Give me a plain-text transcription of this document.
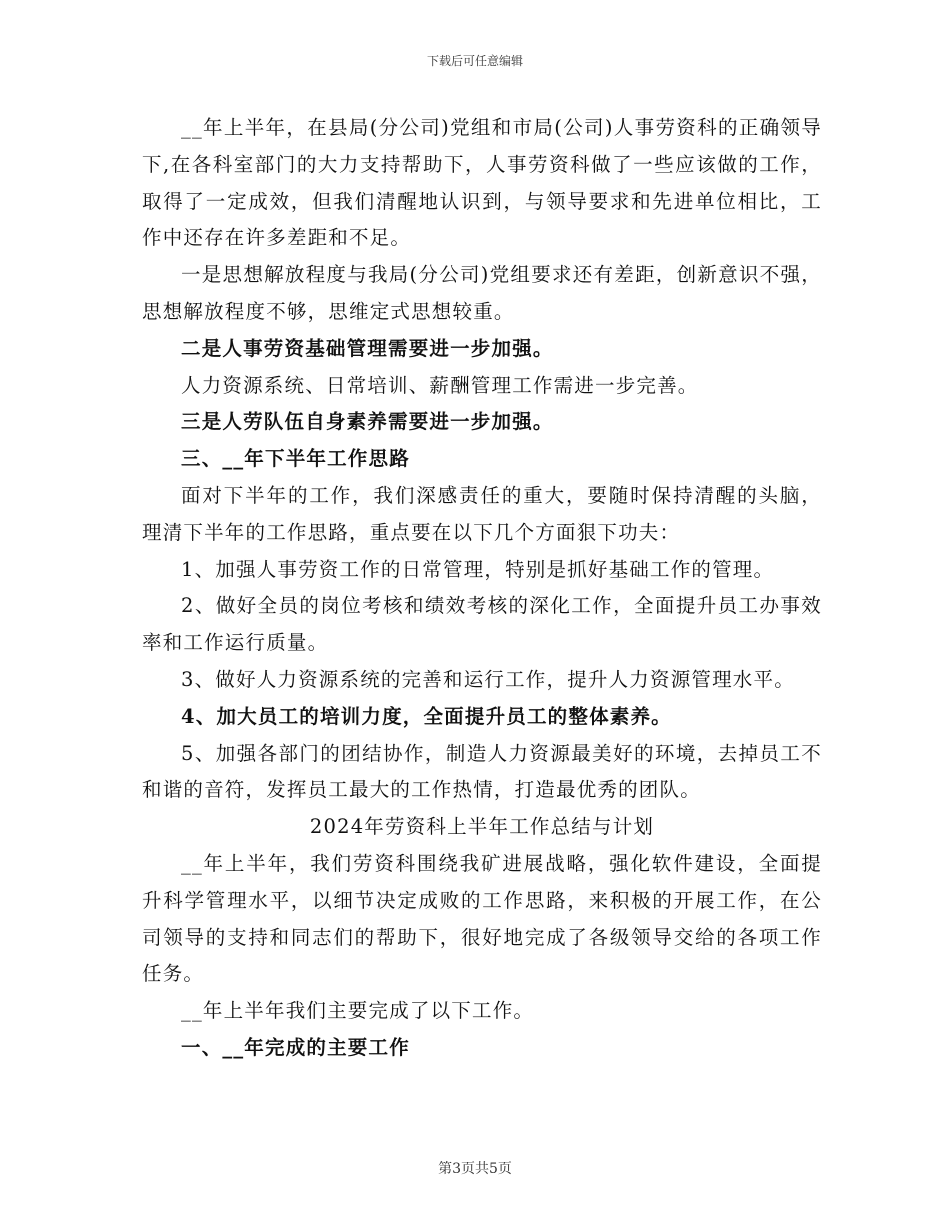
下载后可任意编辑

__年上半年，在县局(分公司)党组和市局(公司)人事劳资科的正确领导下,在各科室部门的大力支持帮助下，人事劳资科做了一些应该做的工作，取得了一定成效，但我们清醒地认识到，与领导要求和先进单位相比，工作中还存在许多差距和不足。

一是思想解放程度与我局(分公司)党组要求还有差距，创新意识不强，思想解放程度不够，思维定式思想较重。

二是人事劳资基础管理需要进一步加强。

人力资源系统、日常培训、薪酬管理工作需进一步完善。

三是人劳队伍自身素养需要进一步加强。

三、__年下半年工作思路

面对下半年的工作，我们深感责任的重大，要随时保持清醒的头脑，理清下半年的工作思路，重点要在以下几个方面狠下功夫：

1、加强人事劳资工作的日常管理，特别是抓好基础工作的管理。

2、做好全员的岗位考核和绩效考核的深化工作，全面提升员工办事效率和工作运行质量。

3、做好人力资源系统的完善和运行工作，提升人力资源管理水平。

4、加大员工的培训力度，全面提升员工的整体素养。

5、加强各部门的团结协作，制造人力资源最美好的环境，去掉员工不和谐的音符，发挥员工最大的工作热情，打造最优秀的团队。

2024年劳资科上半年工作总结与计划

__年上半年，我们劳资科围绕我矿进展战略，强化软件建设，全面提升科学管理水平，以细节决定成败的工作思路，来积极的开展工作，在公司领导的支持和同志们的帮助下，很好地完成了各级领导交给的各项工作任务。

__年上半年我们主要完成了以下工作。

一、__年完成的主要工作

第3页共5页
